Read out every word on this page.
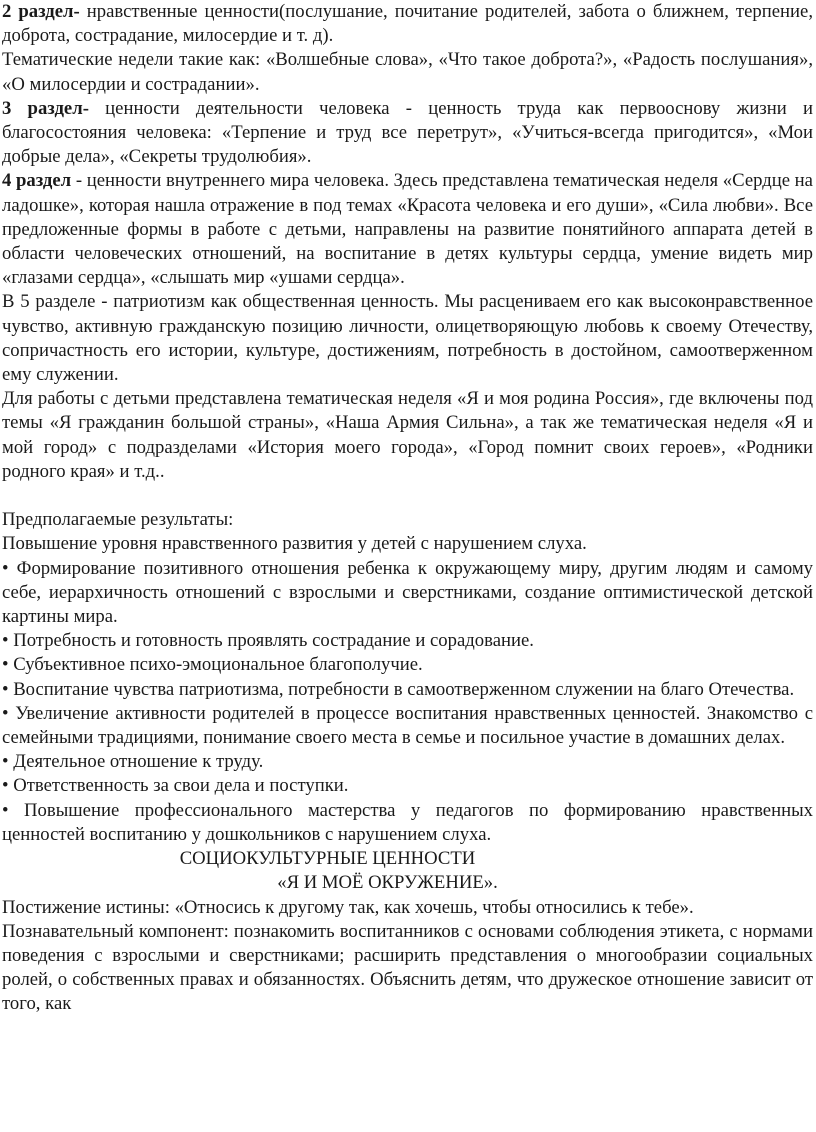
2 раздел- нравственные ценности(послушание, почитание родителей, забота о ближнем, терпение, доброта, сострадание, милосердие и т. д).

Тематические недели такие как: «Волшебные слова», «Что такое доброта?», «Радость послушания», «О милосердии и сострадании».

3 раздел- ценности деятельности человека - ценность труда как первооснову жизни и благосостояния человека: «Терпение и труд все перетрут», «Учиться-всегда пригодится», «Мои добрые дела», «Секреты трудолюбия».

4 раздел - ценности внутреннего мира человека. Здесь представлена тематическая неделя «Сердце на ладошке», которая нашла отражение в под темах «Красота человека и его души», «Сила любви». Все предложенные формы в работе с детьми, направлены на развитие понятийного аппарата детей в области человеческих отношений, на воспитание в детях культуры сердца, умение видеть мир «глазами сердца», «слышать мир «ушами сердца».

В 5 разделе - патриотизм как общественная ценность. Мы расцениваем его как высоконравственное чувство, активную гражданскую позицию личности, олицетворяющую любовь к своему Отечеству, сопричастность его истории, культуре, достижениям, потребность в достойном, самоотверженном ему служении.

Для работы с детьми представлена тематическая неделя «Я и моя родина Россия», где включены под темы «Я гражданин большой страны», «Наша Армия Сильна», а так же тематическая неделя «Я и мой город» с подразделами «История моего города», «Город помнит своих героев», «Родники родного края» и т.д..

Предполагаемые результаты:

Повышение уровня нравственного развития у детей с нарушением слуха.

• Формирование позитивного отношения ребенка к окружающему миру, другим людям и самому себе, иерархичность отношений с взрослыми и сверстниками, создание оптимистической детской картины мира.

• Потребность и готовность проявлять сострадание и сорадование.

• Субъективное психо-эмоциональное благополучие.

• Воспитание чувства патриотизма, потребности в самоотверженном служении на благо Отечества.

• Увеличение активности родителей в процессе воспитания нравственных ценностей. Знакомство с семейными традициями, понимание своего места в семье и посильное участие в домашних делах.

• Деятельное отношение к труду.

• Ответственность за свои дела и поступки.

• Повышение профессионального мастерства у педагогов по формированию нравственных ценностей воспитанию у дошкольников с нарушением слуха.

СОЦИОКУЛЬТУРНЫЕ ЦЕННОСТИ

«Я И МОЁ ОКРУЖЕНИЕ».

Постижение истины: «Относись к другому так, как хочешь, чтобы относились к тебе».

Познавательный компонент: познакомить воспитанников с основами соблюдения этикета, с нормами поведения с взрослыми и сверстниками; расширить представления о многообразии социальных ролей, о собственных правах и обязанностях. Объяснить детям, что дружеское отношение зависит от того, как
